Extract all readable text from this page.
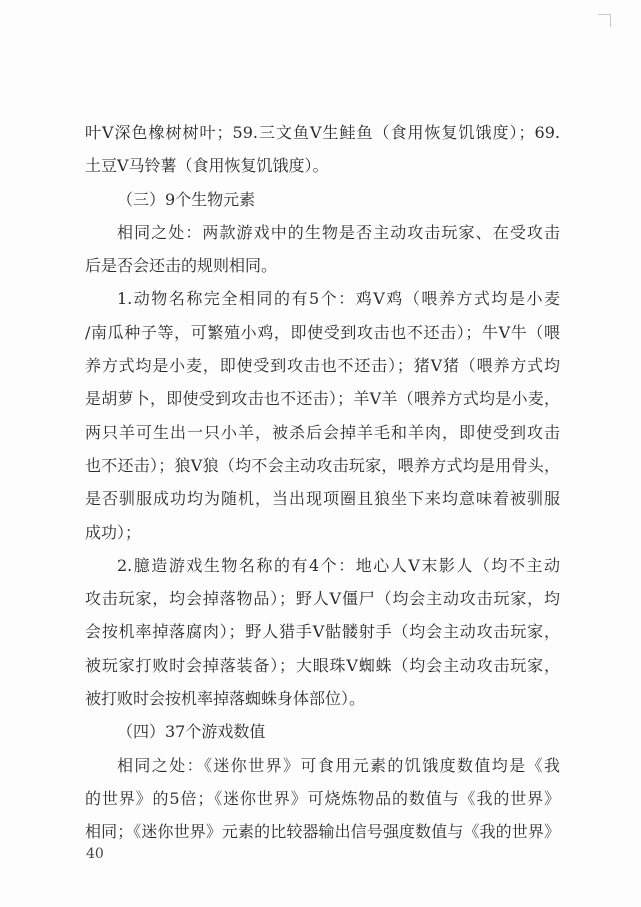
叶Ⅴ深色橡树树叶；59.三文鱼Ⅴ生鲑鱼（食用恢复饥饿度）；69.
土豆Ⅴ马铃薯（食用恢复饥饿度）。
（三）9个生物元素
相同之处：两款游戏中的生物是否主动攻击玩家、在受攻击
后是否会还击的规则相同。
1.动物名称完全相同的有5个：鸡Ⅴ鸡（喂养方式均是小麦
/南瓜种子等，可繁殖小鸡，即使受到攻击也不还击）；牛Ⅴ牛（喂
养方式均是小麦，即使受到攻击也不还击）；猪Ⅴ猪（喂养方式均
是胡萝卜，即使受到攻击也不还击）；羊Ⅴ羊（喂养方式均是小麦，
两只羊可生出一只小羊，被杀后会掉羊毛和羊肉，即使受到攻击
也不还击）；狼Ⅴ狼（均不会主动攻击玩家，喂养方式均是用骨头，
是否驯服成功均为随机，当出现项圈且狼坐下来均意味着被驯服
成功）；
2.臆造游戏生物名称的有4个：地心人Ⅴ末影人（均不主动
攻击玩家，均会掉落物品）；野人Ⅴ僵尸（均会主动攻击玩家，均
会按机率掉落腐肉）；野人猎手Ⅴ骷髅射手（均会主动攻击玩家，
被玩家打败时会掉落装备）；大眼珠Ⅴ蜘蛛（均会主动攻击玩家，
被打败时会按机率掉落蜘蛛身体部位）。
（四）37个游戏数值
相同之处：《迷你世界》可食用元素的饥饿度数值均是《我
的世界》的5倍；《迷你世界》可烧炼物品的数值与《我的世界》
相同；《迷你世界》元素的比较器输出信号强度数值与《我的世界》
40
